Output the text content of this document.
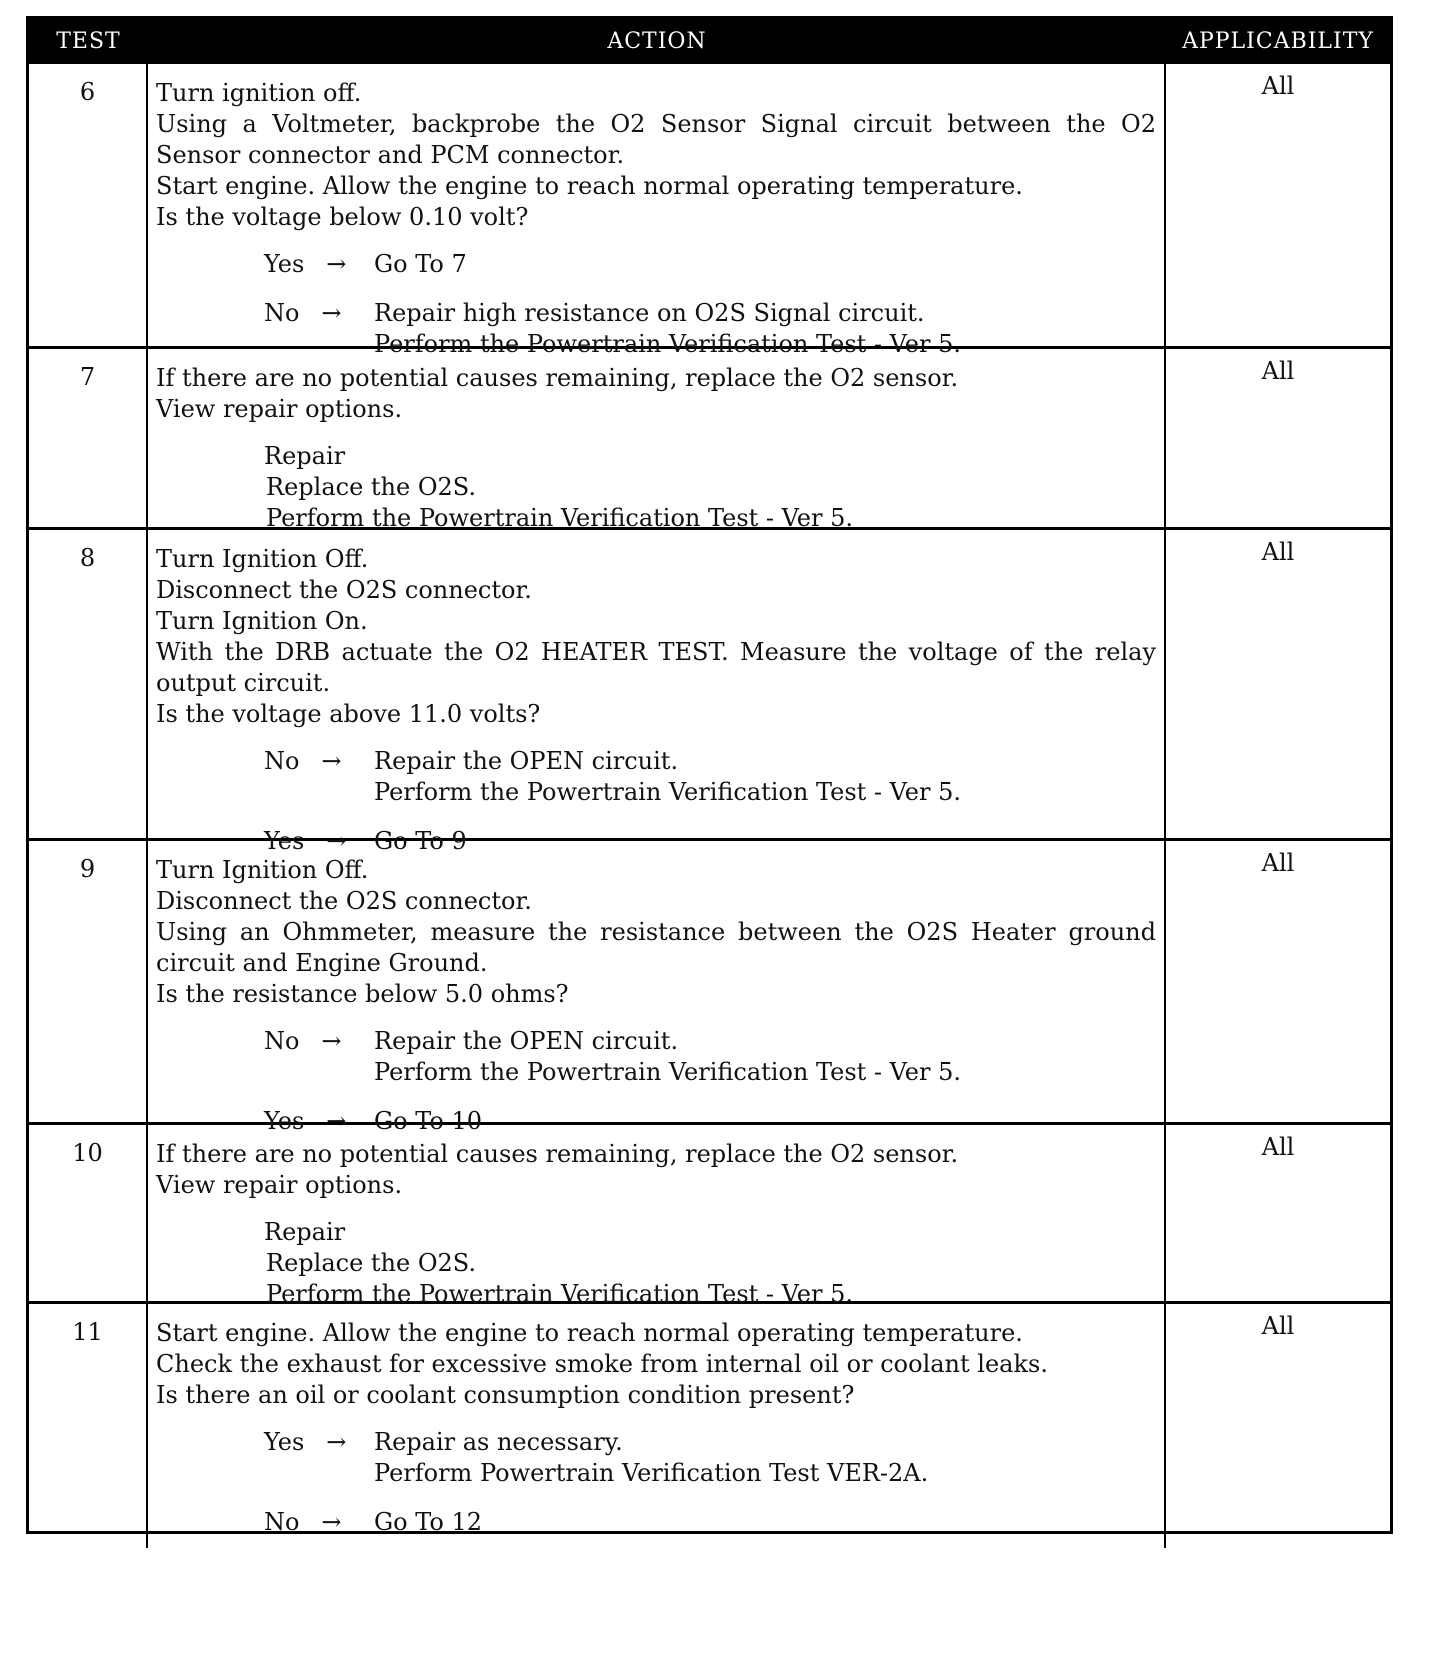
TEST	ACTION	APPLICABILITY
6	Turn ignition off.

Using a Voltmeter, backprobe the O2 Sensor Signal circuit between the O2 Sensor connector and PCM connector.

Start engine. Allow the engine to reach normal operating temperature.

Is the voltage below 0.10 volt?

Yes →	Go To 7
No →	Repair high resistance on O2S Signal circuit.
Perform the Powertrain Verification Test - Ver 5.
All
7	If there are no potential causes remaining, replace the O2 sensor.

View repair options.

Repair
Replace the O2S.
Perform the Powertrain Verification Test - Ver 5.
All
8	Turn Ignition Off.

Disconnect the O2S connector.

Turn Ignition On.

With the DRB actuate the O2 HEATER TEST. Measure the voltage of the relay output circuit.

Is the voltage above 11.0 volts?

No →	Repair the OPEN circuit.
Perform the Powertrain Verification Test - Ver 5.
Yes →	Go To 9
All
9	Turn Ignition Off.

Disconnect the O2S connector.

Using an Ohmmeter, measure the resistance between the O2S Heater ground circuit and Engine Ground.

Is the resistance below 5.0 ohms?

No →	Repair the OPEN circuit.
Perform the Powertrain Verification Test - Ver 5.
Yes →	Go To 10
All
10	If there are no potential causes remaining, replace the O2 sensor.

View repair options.

Repair
Replace the O2S.
Perform the Powertrain Verification Test - Ver 5.
All
11	Start engine. Allow the engine to reach normal operating temperature.

Check the exhaust for excessive smoke from internal oil or coolant leaks.

Is there an oil or coolant consumption condition present?

Yes →	Repair as necessary.
Perform Powertrain Verification Test VER-2A.
No →	Go To 12
All
